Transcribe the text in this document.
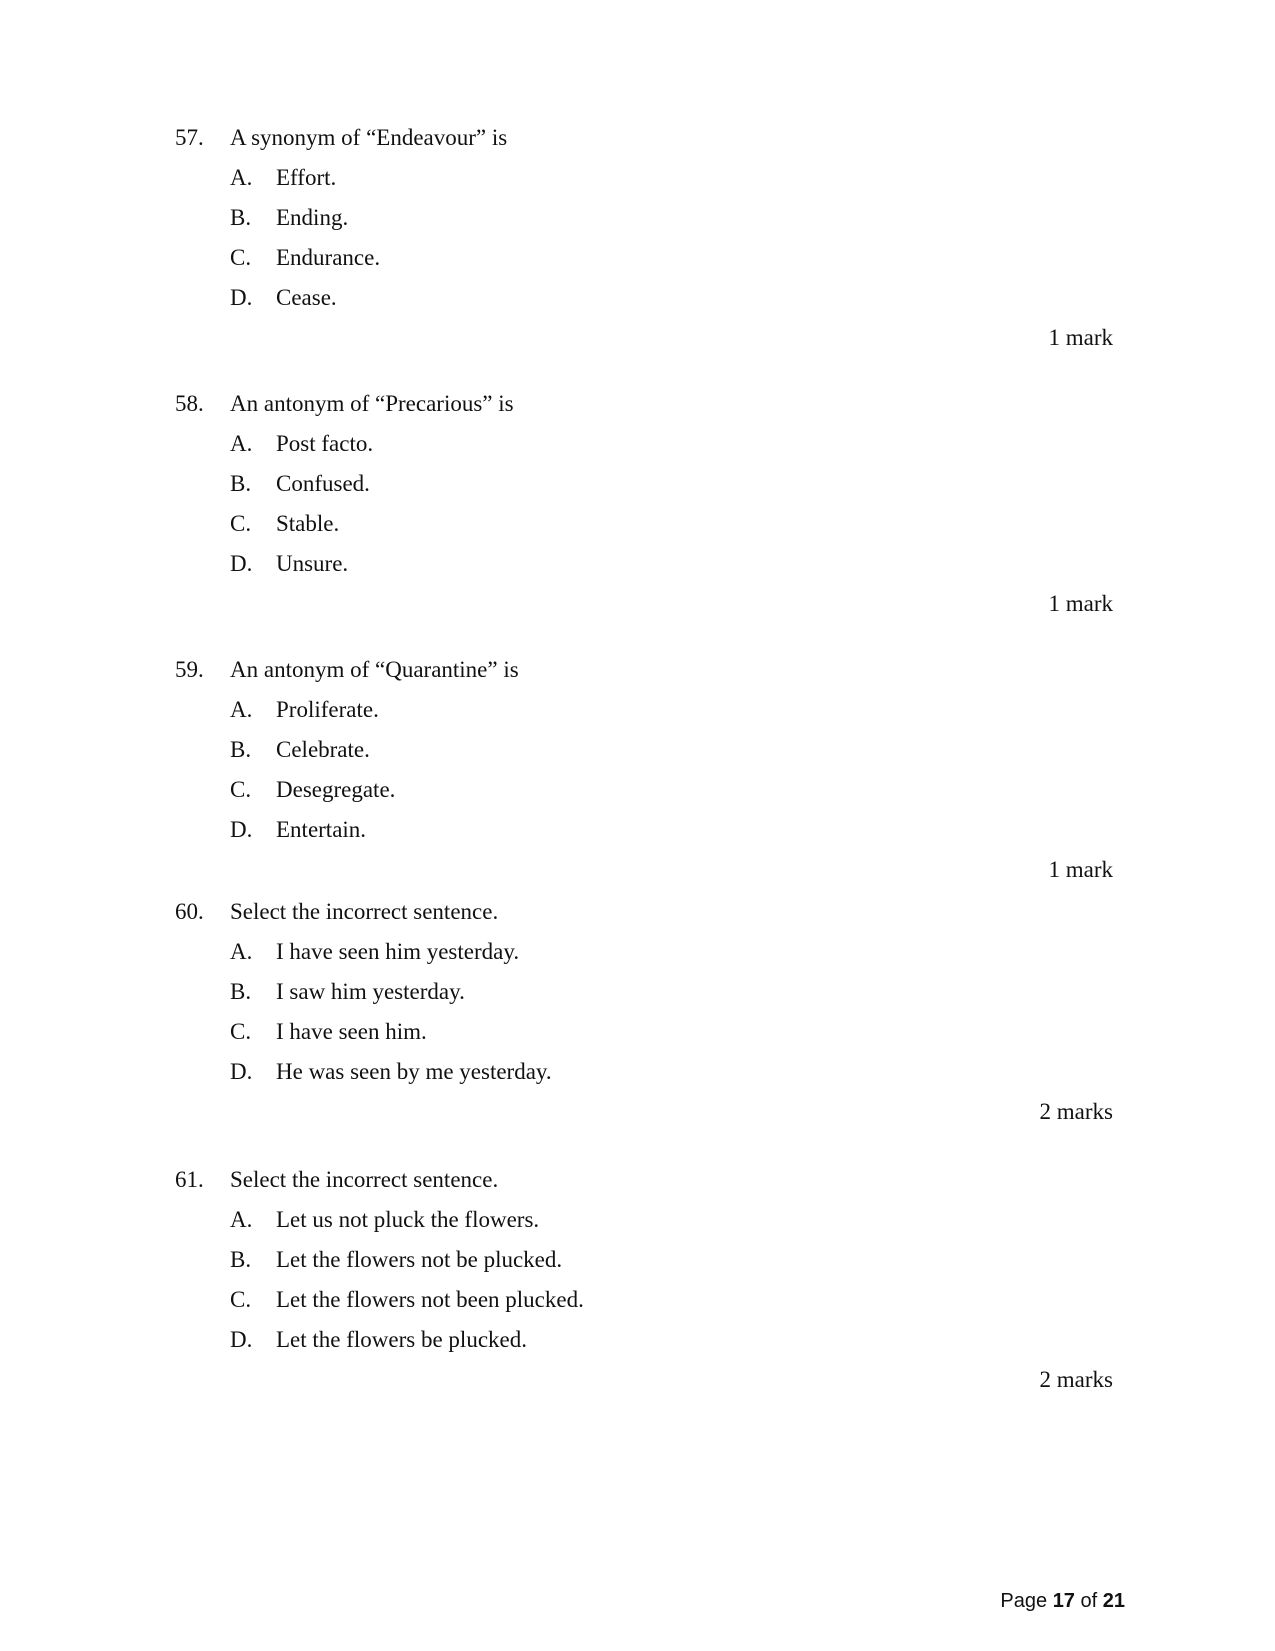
57. A synonym of “Endeavour” is
A. Effort.
B. Ending.
C. Endurance.
D. Cease.
1 mark
58. An antonym of “Precarious” is
A. Post facto.
B. Confused.
C. Stable.
D. Unsure.
1 mark
59. An antonym of “Quarantine” is
A. Proliferate.
B. Celebrate.
C. Desegregate.
D. Entertain.
1 mark
60. Select the incorrect sentence.
A. I have seen him yesterday.
B. I saw him yesterday.
C. I have seen him.
D. He was seen by me yesterday.
2 marks
61. Select the incorrect sentence.
A. Let us not pluck the flowers.
B. Let the flowers not be plucked.
C. Let the flowers not been plucked.
D. Let the flowers be plucked.
2 marks
Page 17 of 21
